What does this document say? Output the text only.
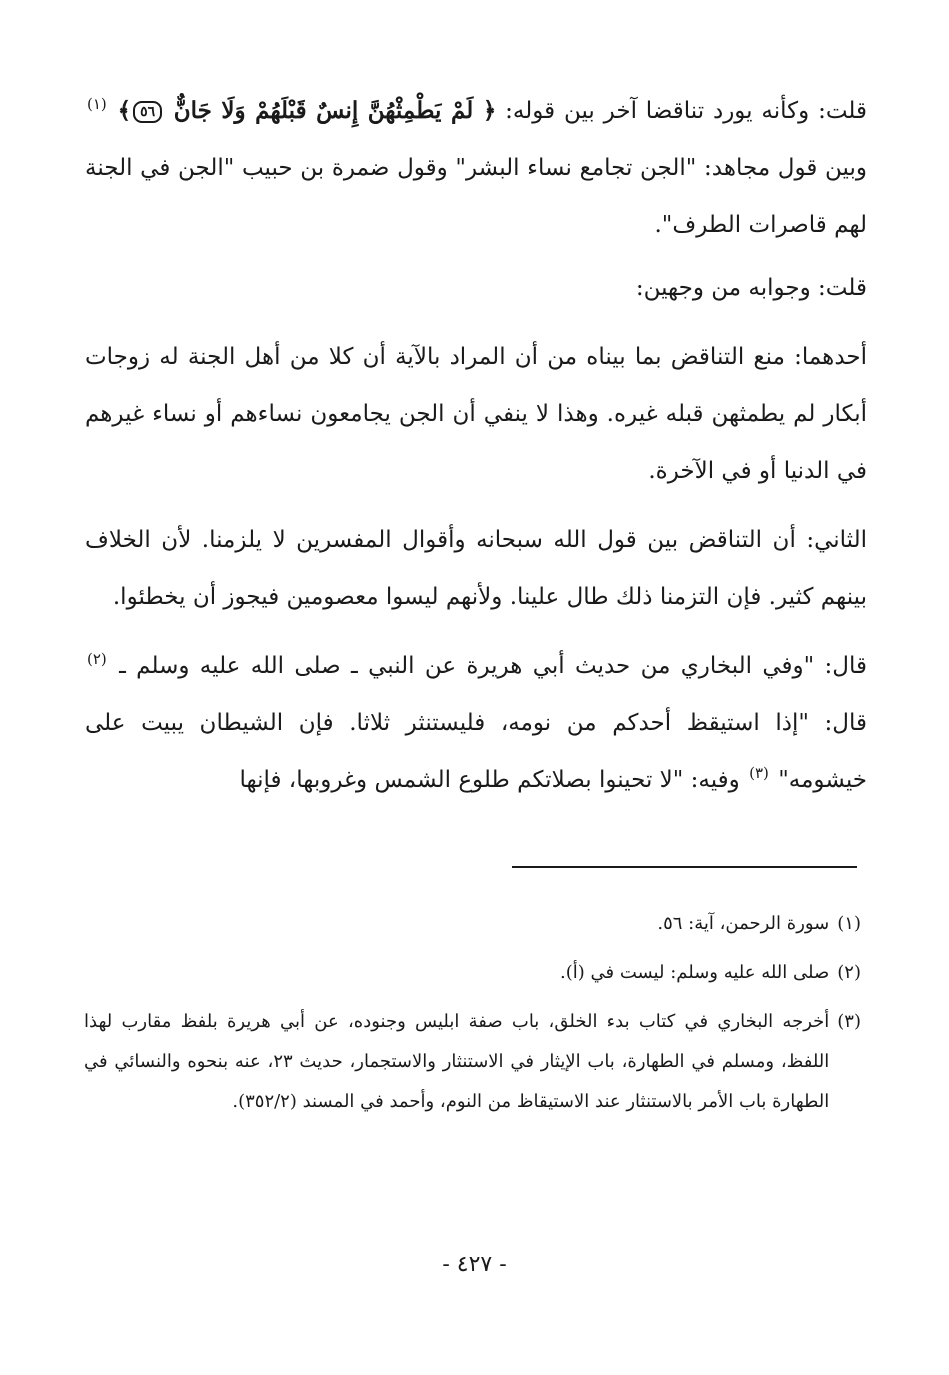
قلت: وكأنه يورد تناقضا آخر بين قوله: ﴿ لَمْ يَطْمِثْهُنَّ إِنسٌ قَبْلَهُمْ وَلَا جَانٌّ ٥٦﴾ $^{(١)}$ وبين قول مجاهد: "الجن تجامع نساء البشر" وقول ضمرة بن حبيب "الجن في الجنة لهم قاصرات الطرف".

قلت: وجوابه من وجهين:

أحدهما: منع التناقض بما بيناه من أن المراد بالآية أن كلا من أهل الجنة له زوجات أبكار لم يطمثهن قبله غيره. وهذا لا ينفي أن الجن يجامعون نساءهم أو نساء غيرهم في الدنيا أو في الآخرة.

الثاني: أن التناقض بين قول الله سبحانه وأقوال المفسرين لا يلزمنا. لأن الخلاف بينهم كثير. فإن التزمنا ذلك طال علينا. ولأنهم ليسوا معصومين فيجوز أن يخطئوا.

قال: "وفي البخاري من حديث أبي هريرة عن النبي ـ صلى الله عليه وسلم ـ $^{(٢)}$ قال: "إذا استيقظ أحدكم من نومه، فليستنثر ثلاثا. فإن الشيطان يبيت على خيشومه" $^{(٣)}$ وفيه: "لا تحينوا بصلاتكم طلوع الشمس وغروبها، فإنها

(١)
سورة الرحمن، آية: ٥٦.
(٢)
صلى الله عليه وسلم: ليست في (أ).
(٣)
أخرجه البخاري في كتاب بدء الخلق، باب صفة ابليس وجنوده، عن أبي هريرة بلفظ مقارب لهذا اللفظ، ومسلم في الطهارة، باب الإيثار في الاستنثار والاستجمار، حديث ٢٣، عنه بنحوه والنسائي في الطهارة باب الأمر بالاستنثار عند الاستيقاظ من النوم، وأحمد في المسند (٣٥٢/٢).
- ٤٢٧ -
